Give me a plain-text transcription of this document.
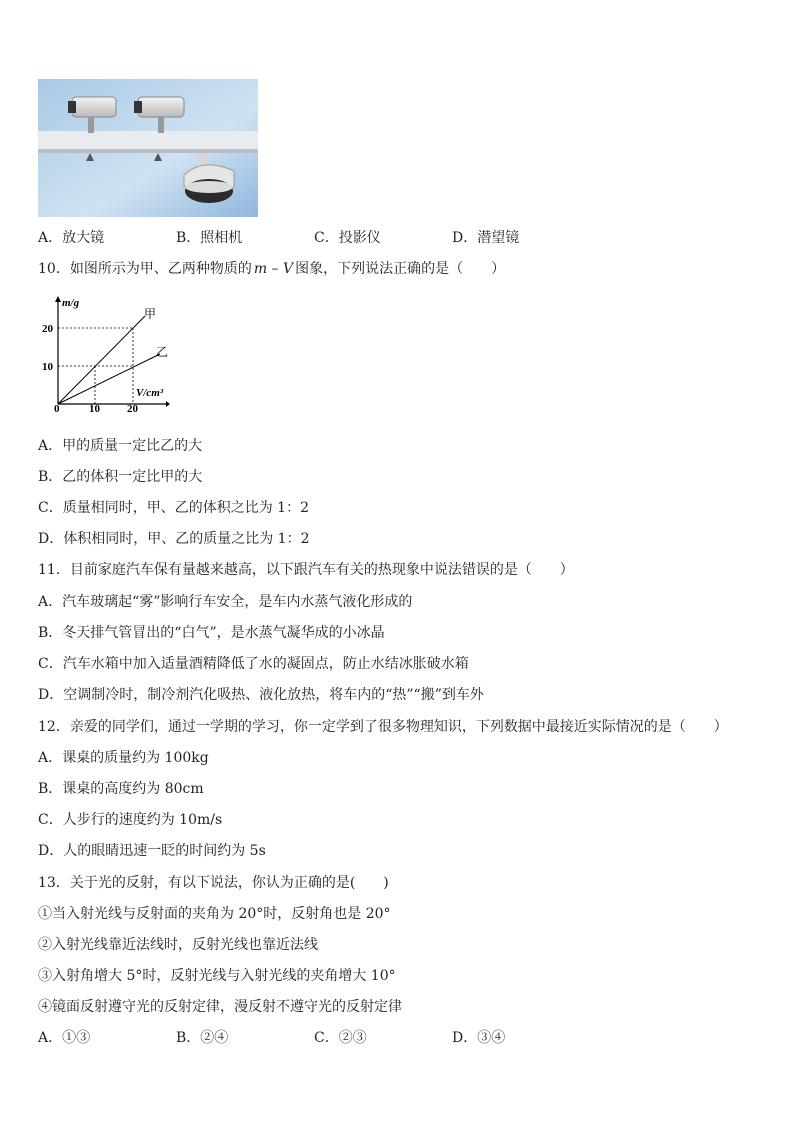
A．放大镜	B．照相机	C．投影仪	D．潜望镜
10．如图所示为甲、乙两种物质的 m – V 图象，下列说法正确的是（　　）
m/g
V/cm³
20
10
0	10 20
甲
乙
A．甲的质量一定比乙的大
B．乙的体积一定比甲的大
C．质量相同时，甲、乙的体积之比为 1：2
D．体积相同时，甲、乙的质量之比为 1：2
11．目前家庭汽车保有量越来越高，以下跟汽车有关的热现象中说法错误的是（　　）
A．汽车玻璃起“雾”影响行车安全，是车内水蒸气液化形成的
B．冬天排气管冒出的“白气”，是水蒸气凝华成的小冰晶
C．汽车水箱中加入适量酒精降低了水的凝固点，防止水结冰胀破水箱
D．空调制冷时，制冷剂汽化吸热、液化放热，将车内的“热”“搬”到车外
12．亲爱的同学们，通过一学期的学习，你一定学到了很多物理知识，下列数据中最接近实际情况的是（　　）
A．课桌的质量约为 100kg
B．课桌的高度约为 80cm
C．人步行的速度约为 10m/s
D．人的眼睛迅速一眨的时间约为 5s
13．关于光的反射，有以下说法，你认为正确的是(　　)
①当入射光线与反射面的夹角为 20°时，反射角也是 20°
②入射光线靠近法线时，反射光线也靠近法线
③入射角增大 5°时，反射光线与入射光线的夹角增大 10°
④镜面反射遵守光的反射定律，漫反射不遵守光的反射定律
A．①③	B．②④	C．②③	D．③④
